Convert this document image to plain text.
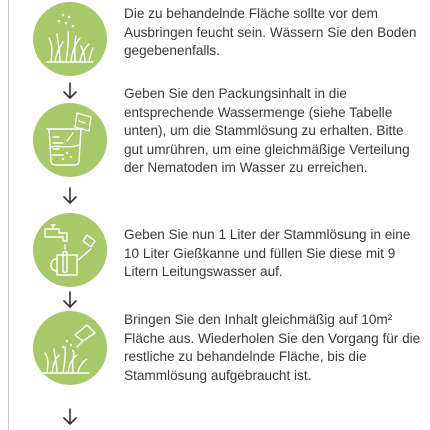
Die zu behandelnde Fläche sollte vor dem Ausbringen feucht sein. Wässern Sie den Boden gegebenenfalls.

Geben Sie den Packungsinhalt in die entsprechende Wassermenge (siehe Tabelle unten), um die Stammlösung zu erhalten. Bitte gut umrühren, um eine gleichmäßige Verteilung der Nematoden im Wasser zu erreichen.

Geben Sie nun 1 Liter der Stammlösung in eine 10 Liter Gießkanne und füllen Sie diese mit 9 Litern Leitungswasser auf.

Bringen Sie den Inhalt gleichmäßig auf 10m² Fläche aus. Wiederholen Sie den Vorgang für die restliche zu behandelnde Fläche, bis die Stammlösung aufgebraucht ist.
